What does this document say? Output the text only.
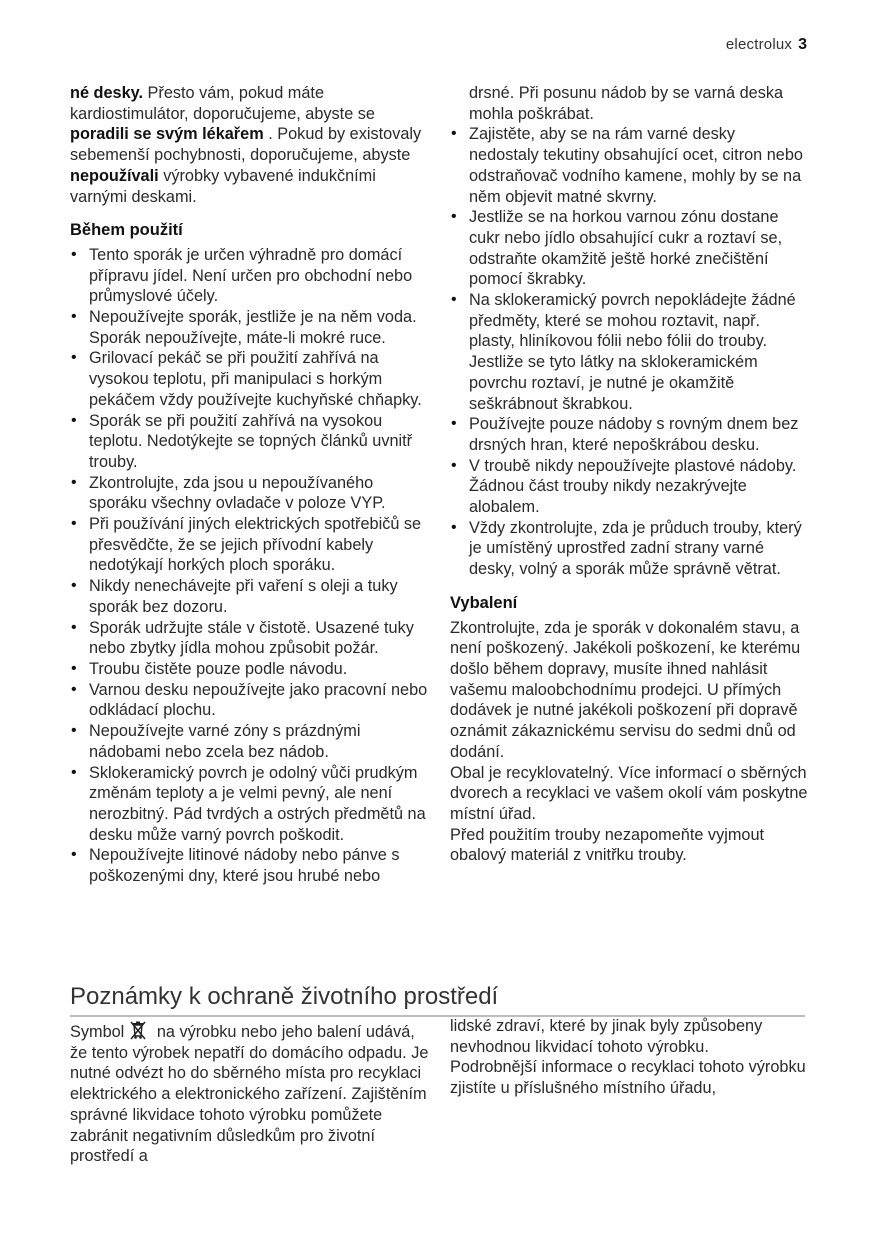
electrolux 3

né desky. Přesto vám, pokud máte kardiostimulátor, doporučujeme, abyste se poradili se svým lékařem . Pokud by existovaly sebemenší pochybnosti, doporučujeme, abyste nepoužívali výrobky vybavené indukčními varnými deskami.

Během použití
• Tento sporák je určen výhradně pro domácí přípravu jídel. Není určen pro obchodní nebo průmyslové účely.
• Nepoužívejte sporák, jestliže je na něm voda. Sporák nepoužívejte, máte-li mokré ruce.
• Grilovací pekáč se při použití zahřívá na vysokou teplotu, při manipulaci s horkým pekáčem vždy používejte kuchyňské chňapky.
• Sporák se při použití zahřívá na vysokou teplotu. Nedotýkejte se topných článků uvnitř trouby.
• Zkontrolujte, zda jsou u nepoužívaného sporáku všechny ovladače v poloze VYP.
• Při používání jiných elektrických spotřebičů se přesvědčte, že se jejich přívodní kabely nedotýkají horkých ploch sporáku.
• Nikdy nenechávejte při vaření s oleji a tuky sporák bez dozoru.
• Sporák udržujte stále v čistotě. Usazené tuky nebo zbytky jídla mohou způsobit požár.
• Troubu čistěte pouze podle návodu.
• Varnou desku nepoužívejte jako pracovní nebo odkládací plochu.
• Nepoužívejte varné zóny s prázdnými nádobami nebo zcela bez nádob.
• Sklokeramický povrch je odolný vůči prudkým změnám teploty a je velmi pevný, ale není nerozbitný. Pád tvrdých a ostrých předmětů na desku může varný povrch poškodit.
• Nepoužívejte litinové nádoby nebo pánve s poškozenými dny, které jsou hrubé nebo
drsné. Při posunu nádob by se varná deska mohla poškrábat.
• Zajistěte, aby se na rám varné desky nedostaly tekutiny obsahující ocet, citron nebo odstraňovač vodního kamene, mohly by se na něm objevit matné skvrny.
• Jestliže se na horkou varnou zónu dostane cukr nebo jídlo obsahující cukr a roztaví se, odstraňte okamžitě ještě horké znečištění pomocí škrabky.
• Na sklokeramický povrch nepokládejte žádné předměty, které se mohou roztavit, např. plasty, hliníkovou fólii nebo fólii do trouby. Jestliže se tyto látky na sklokeramickém povrchu roztaví, je nutné je okamžitě seškrábnout škrabkou.
• Používejte pouze nádoby s rovným dnem bez drsných hran, které nepoškrábou desku.
• V troubě nikdy nepoužívejte plastové nádoby. Žádnou část trouby nikdy nezakrývejte alobalem.
• Vždy zkontrolujte, zda je průduch trouby, který je umístěný uprostřed zadní strany varné desky, volný a sporák může správně větrat.
Vybalení

Zkontrolujte, zda je sporák v dokonalém stavu, a není poškozený. Jakékoli poškození, ke kterému došlo během dopravy, musíte ihned nahlásit vašemu maloobchodnímu prodejci. U přímých dodávek je nutné jakékoli poškození při dopravě oznámit zákaznickému servisu do sedmi dnů od dodání.

Obal je recyklovatelný. Více informací o sběrných dvorech a recyklaci ve vašem okolí vám poskytne místní úřad.

Před použitím trouby nezapomeňte vyjmout obalový materiál z vnitřku trouby.

Poznámky k ochraně životního prostředí

Symbol na výrobku nebo jeho balení udává, že tento výrobek nepatří do domácího odpadu. Je nutné odvézt ho do sběrného místa pro recyklaci elektrického a elektronického zařízení. Zajištěním správné likvidace tohoto výrobku pomůžete zabránit negativním důsledkům pro životní prostředí a

lidské zdraví, které by jinak byly způsobeny nevhodnou likvidací tohoto výrobku.

Podrobnější informace o recyklaci tohoto výrobku zjistíte u příslušného místního úřadu,
